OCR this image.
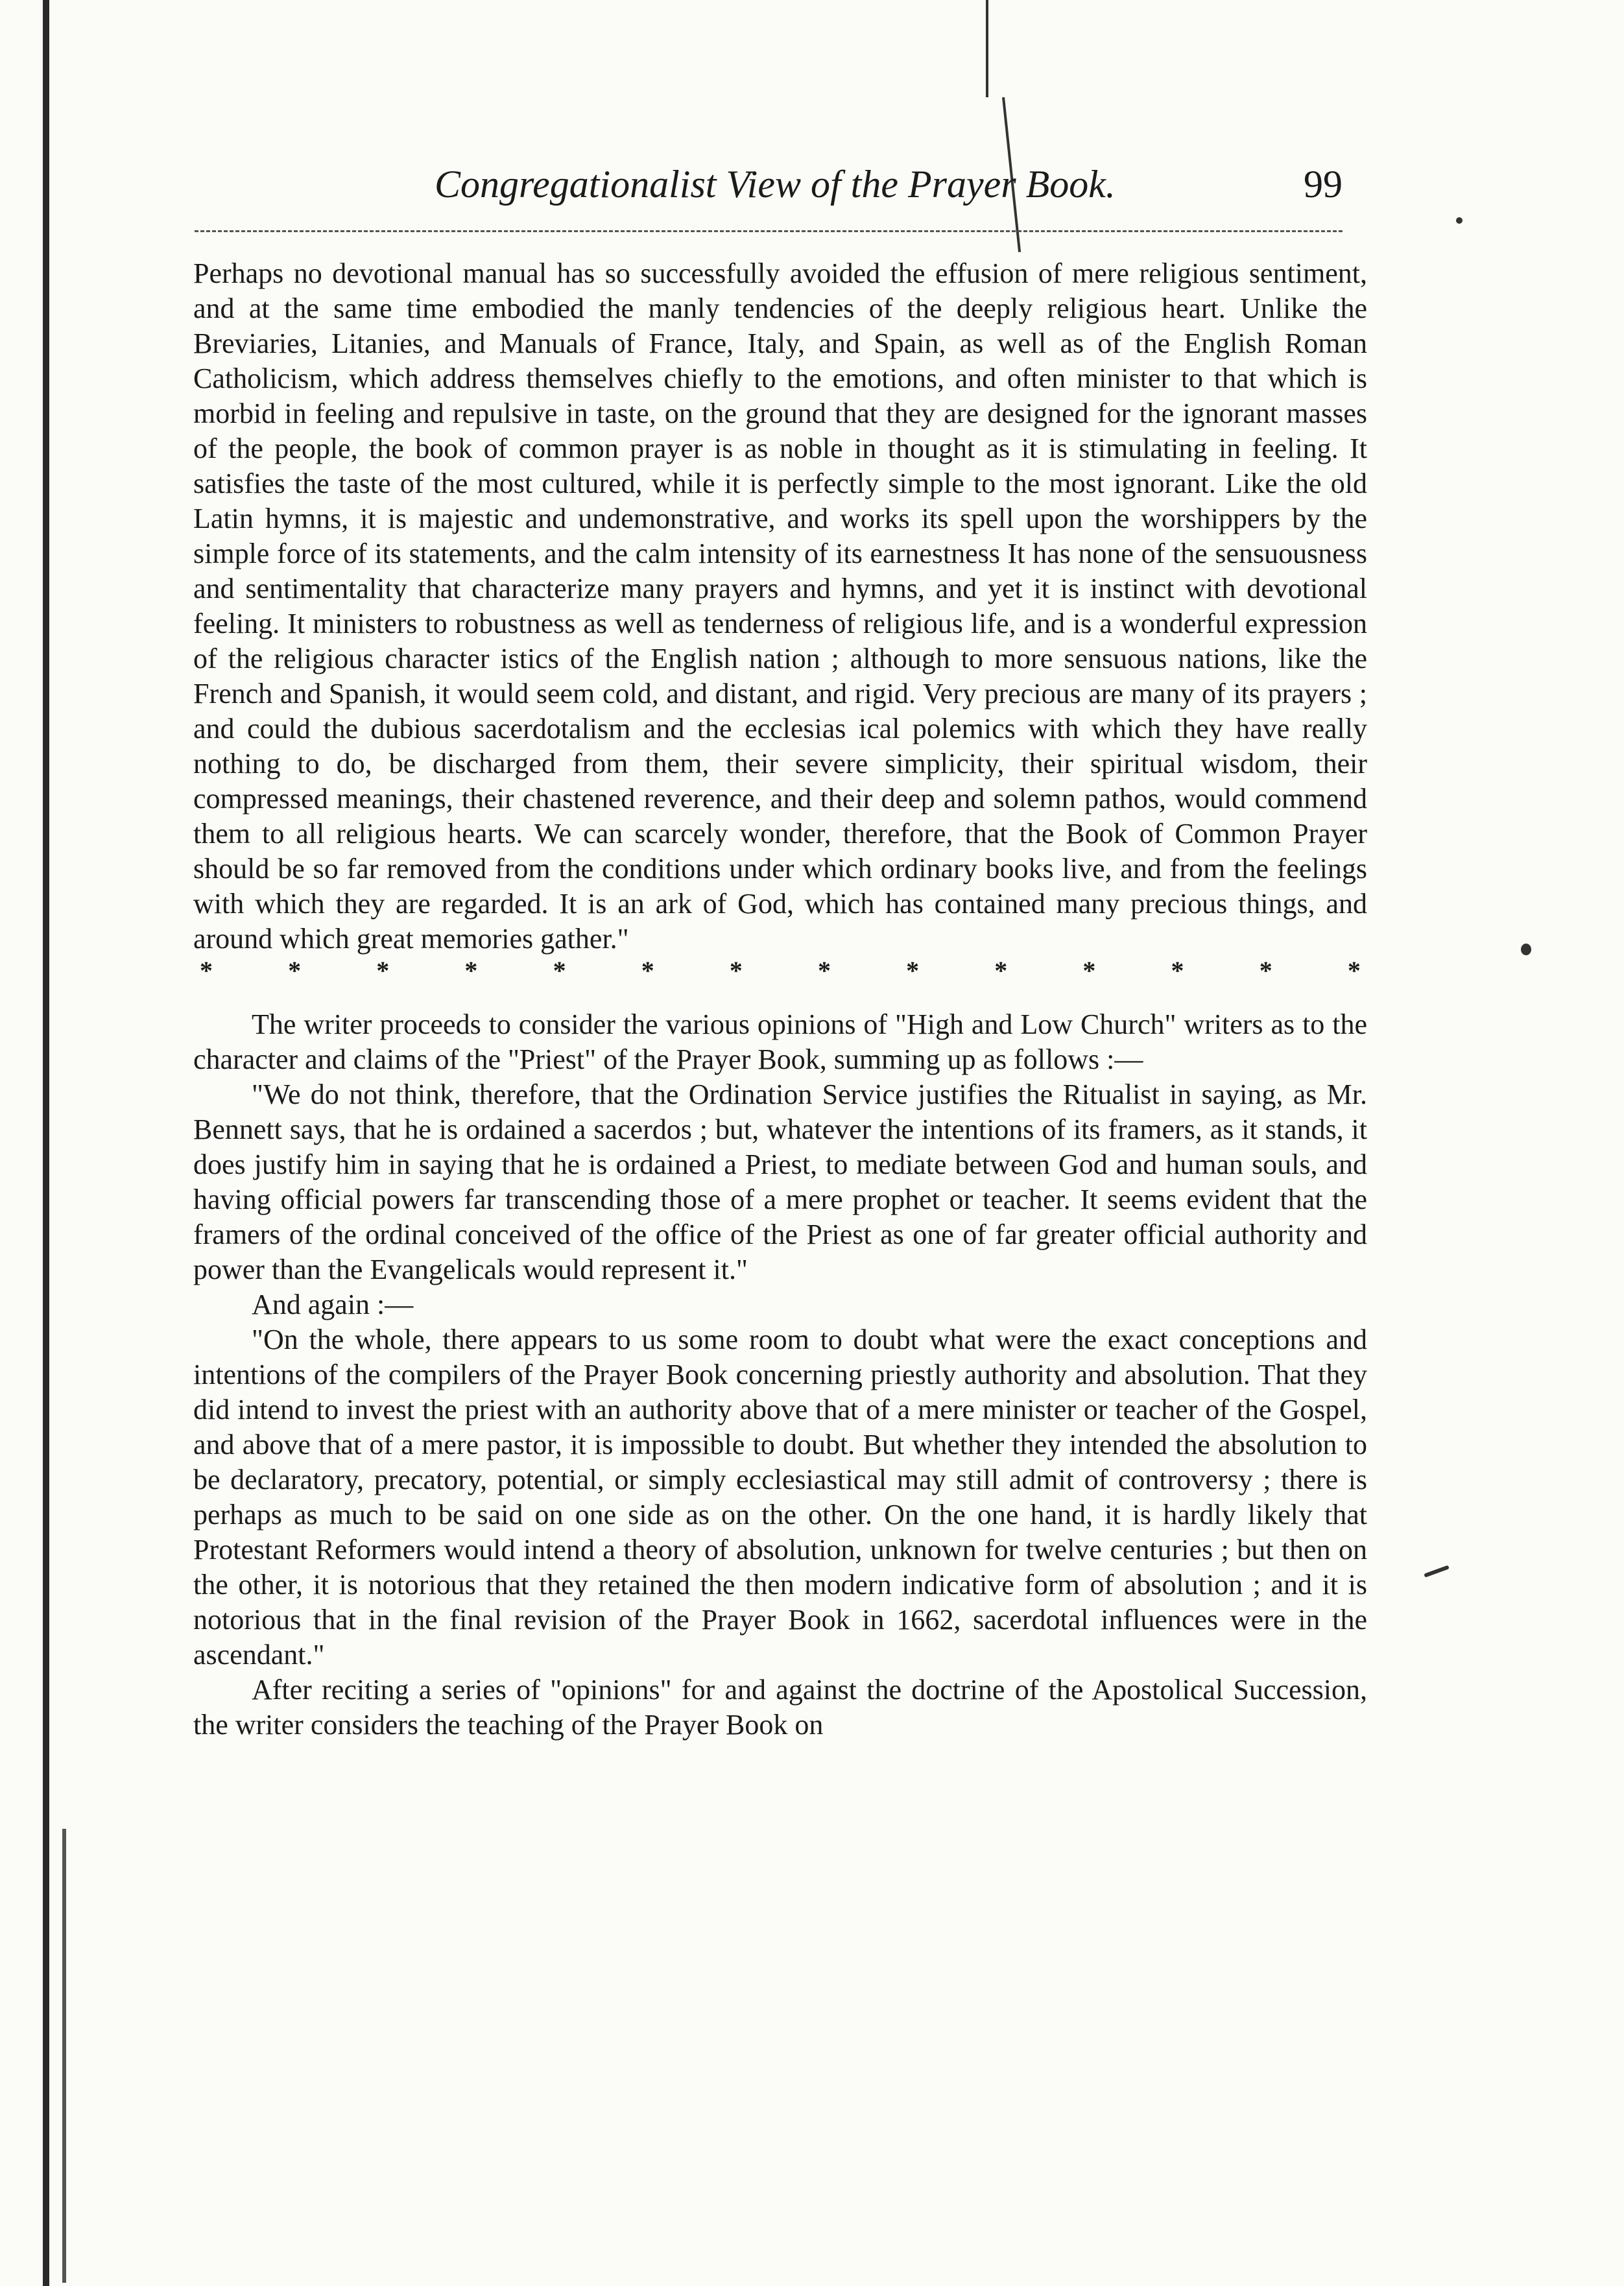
Congregationalist View of the Prayer Book.	99

Perhaps no devotional manual has so successfully avoided the effusion of mere religious sentiment, and at the same time embodied the manly tendencies of the deeply religious heart. Unlike the Breviaries, Litanies, and Manuals of France, Italy, and Spain, as well as of the English Roman Catholicism, which address themselves chiefly to the emotions, and often minister to that which is morbid in feeling and repulsive in taste, on the ground that they are designed for the ignorant masses of the people, the book of common prayer is as noble in thought as it is stimulating in feeling. It satisfies the taste of the most cultured, while it is perfectly simple to the most ignorant. Like the old Latin hymns, it is majestic and undemonstrative, and works its spell upon the worshippers by the simple force of its statements, and the calm intensity of its earnestness It has none of the sensuousness and sentimentality that characterize many prayers and hymns, and yet it is instinct with devotional feeling. It ministers to robustness as well as tenderness of religious life, and is a wonderful expression of the religious character istics of the English nation ; although to more sensuous nations, like the French and Spanish, it would seem cold, and distant, and rigid. Very precious are many of its prayers ; and could the dubious sacerdotalism and the ecclesias ical polemics with which they have really nothing to do, be discharged from them, their severe simplicity, their spiritual wisdom, their compressed meanings, their chastened reverence, and their deep and solemn pathos, would commend them to all religious hearts. We can scarcely wonder, therefore, that the Book of Common Prayer should be so far removed from the conditions under which ordinary books live, and from the feelings with which they are regarded. It is an ark of God, which has contained many precious things, and around which great memories gather."

*	*	*	*	*	*	*	*	*	*	*	*	*	*

The writer proceeds to consider the various opinions of "High and Low Church" writers as to the character and claims of the "Priest" of the Prayer Book, summing up as follows :—

"We do not think, therefore, that the Ordination Service justifies the Ritualist in saying, as Mr. Bennett says, that he is ordained a sacerdos ; but, whatever the intentions of its framers, as it stands, it does justify him in saying that he is ordained a Priest, to mediate between God and human souls, and having official powers far transcending those of a mere prophet or teacher. It seems evident that the framers of the ordinal conceived of the office of the Priest as one of far greater official authority and power than the Evangelicals would represent it."

And again :—

"On the whole, there appears to us some room to doubt what were the exact conceptions and intentions of the compilers of the Prayer Book concerning priestly authority and absolution. That they did intend to invest the priest with an authority above that of a mere minister or teacher of the Gospel, and above that of a mere pastor, it is impossible to doubt. But whether they intended the absolution to be declaratory, precatory, potential, or simply ecclesiastical may still admit of controversy ; there is perhaps as much to be said on one side as on the other. On the one hand, it is hardly likely that Protestant Reformers would intend a theory of absolution, unknown for twelve centuries ; but then on the other, it is notorious that they retained the then modern indicative form of absolution ; and it is notorious that in the final revision of the Prayer Book in 1662, sacerdotal influences were in the ascendant."

After reciting a series of "opinions" for and against the doctrine of the Apostolical Succession, the writer considers the teaching of the Prayer Book on
